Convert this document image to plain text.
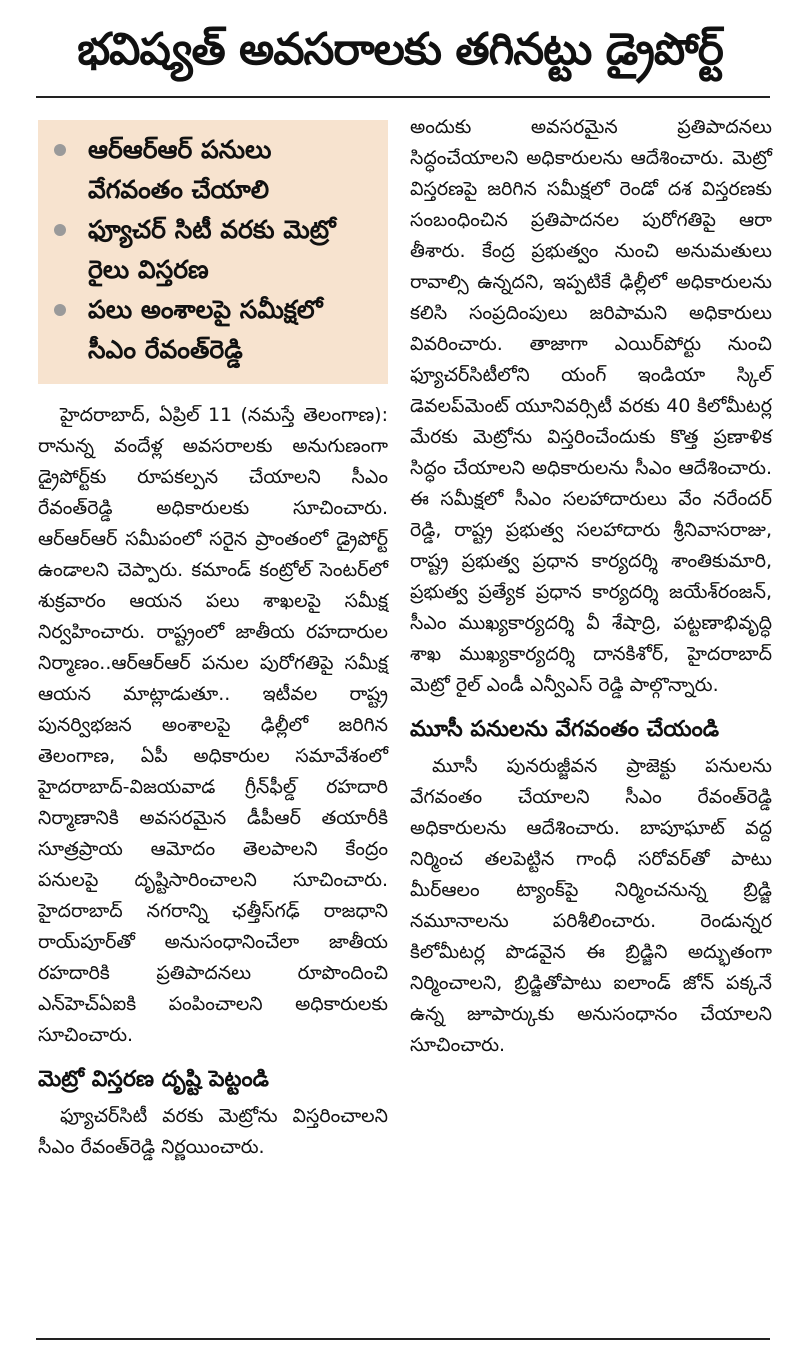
భవిష్యత్ అవసరాలకు తగినట్టు డ్రైపోర్ట్
ఆర్ఆర్ఆర్ పనులు వేగవంతం చేయాలి
ఫ్యూచర్ సిటీ వరకు మెట్రో రైలు విస్తరణ
పలు అంశాలపై సమీక్షలో సీఎం రేవంత్‌రెడ్డి

హైదరాబాద్, ఏప్రిల్ 11 (నమస్తే తెలంగాణ): రానున్న వందేళ్ల అవసరాలకు అనుగుణంగా డ్రైపోర్ట్‌కు రూపకల్పన చేయాలని సీఎం రేవంత్‌రెడ్డి అధికారులకు సూచించారు. ఆర్ఆర్ఆర్ సమీపంలో సరైన ప్రాంతంలో డ్రైపోర్ట్ ఉండాలని చెప్పారు. కమాండ్ కంట్రోల్ సెంటర్‌లో శుక్రవారం ఆయన పలు శాఖలపై సమీక్ష నిర్వహించారు. రాష్ట్రంలో జాతీయ రహదారుల నిర్మాణం..ఆర్ఆర్ఆర్ పనుల పురోగతిపై సమీక్ష ఆయన మాట్లాడుతూ.. ఇటీవల రాష్ట్ర పునర్విభజన అంశాలపై ఢిల్లీలో జరిగిన తెలంగాణ, ఏపీ అధికారుల సమావేశంలో హైదరాబాద్-విజయవాడ గ్రీన్‌ఫీల్డ్ రహదారి నిర్మాణానికి అవసరమైన డీపీఆర్ తయారీకి సూత్రప్రాయ ఆమోదం తెలపాలని కేంద్రం పనులపై దృష్టిసారించాలని సూచించారు. హైదరాబాద్ నగరాన్ని ఛత్తీస్‌గఢ్ రాజధాని రాయ్‌పూర్‌తో అనుసంధానించేలా జాతీయ రహదారికి ప్రతిపాదనలు రూపొందించి ఎన్‌హెచ్ఏఐకి పంపించాలని అధికారులకు సూచించారు.

మెట్రో విస్తరణ దృష్టి పెట్టండి

ఫ్యూచర్‌సిటీ వరకు మెట్రోను విస్తరించాలని సీఎం రేవంత్‌రెడ్డి నిర్ణయించారు.

అందుకు అవసరమైన ప్రతిపాదనలు సిద్ధంచేయాలని అధికారులను ఆదేశించారు. మెట్రో విస్తరణపై జరిగిన సమీక్షలో రెండో దశ విస్తరణకు సంబంధించిన ప్రతిపాదనల పురోగతిపై ఆరా తీశారు. కేంద్ర ప్రభుత్వం నుంచి అనుమతులు రావాల్సి ఉన్నదని, ఇప్పటికే ఢిల్లీలో అధికారులను కలిసి సంప్రదింపులు జరిపామని అధికారులు వివరించారు. తాజాగా ఎయిర్‌పోర్టు నుంచి ఫ్యూచర్‌సిటీలోని యంగ్ ఇండియా స్కిల్ డెవలప్‌మెంట్ యూనివర్సిటీ వరకు 40 కిలోమీటర్ల మేరకు మెట్రోను విస్తరించేందుకు కొత్త ప్రణాళిక సిద్ధం చేయాలని అధికారులను సీఎం ఆదేశించారు. ఈ సమీక్షలో సీఎం సలహాదారులు వేం నరేందర్ రెడ్డి, రాష్ట్ర ప్రభుత్వ సలహాదారు శ్రీనివాసరాజు, రాష్ట్ర ప్రభుత్వ ప్రధాన కార్యదర్శి శాంతికుమారి, ప్రభుత్వ ప్రత్యేక ప్రధాన కార్యదర్శి జయేశ్‌రంజన్, సీఎం ముఖ్యకార్యదర్శి వీ శేషాద్రి, పట్టణాభివృద్ధి శాఖ ముఖ్యకార్యదర్శి దానకిశోర్, హైదరాబాద్ మెట్రో రైల్ ఎండీ ఎన్వీఎస్ రెడ్డి పాల్గొన్నారు.

మూసీ పనులను వేగవంతం చేయండి

మూసీ పునరుజ్జీవన ప్రాజెక్టు పనులను వేగవంతం చేయాలని సీఎం రేవంత్‌రెడ్డి అధికారులను ఆదేశించారు. బాపూఘాట్ వద్ద నిర్మించ తలపెట్టిన గాంధీ సరోవర్‌తో పాటు మీర్‌ఆలం ట్యాంక్‌పై నిర్మించనున్న బ్రిడ్జి నమూనాలను పరిశీలించారు. రెండున్నర కిలోమీటర్ల పొడవైన ఈ బ్రిడ్జిని అద్భుతంగా నిర్మించాలని, బ్రిడ్జితోపాటు ఐలాండ్ జోన్ పక్కనే ఉన్న జూపార్కుకు అనుసంధానం చేయాలని సూచించారు.
